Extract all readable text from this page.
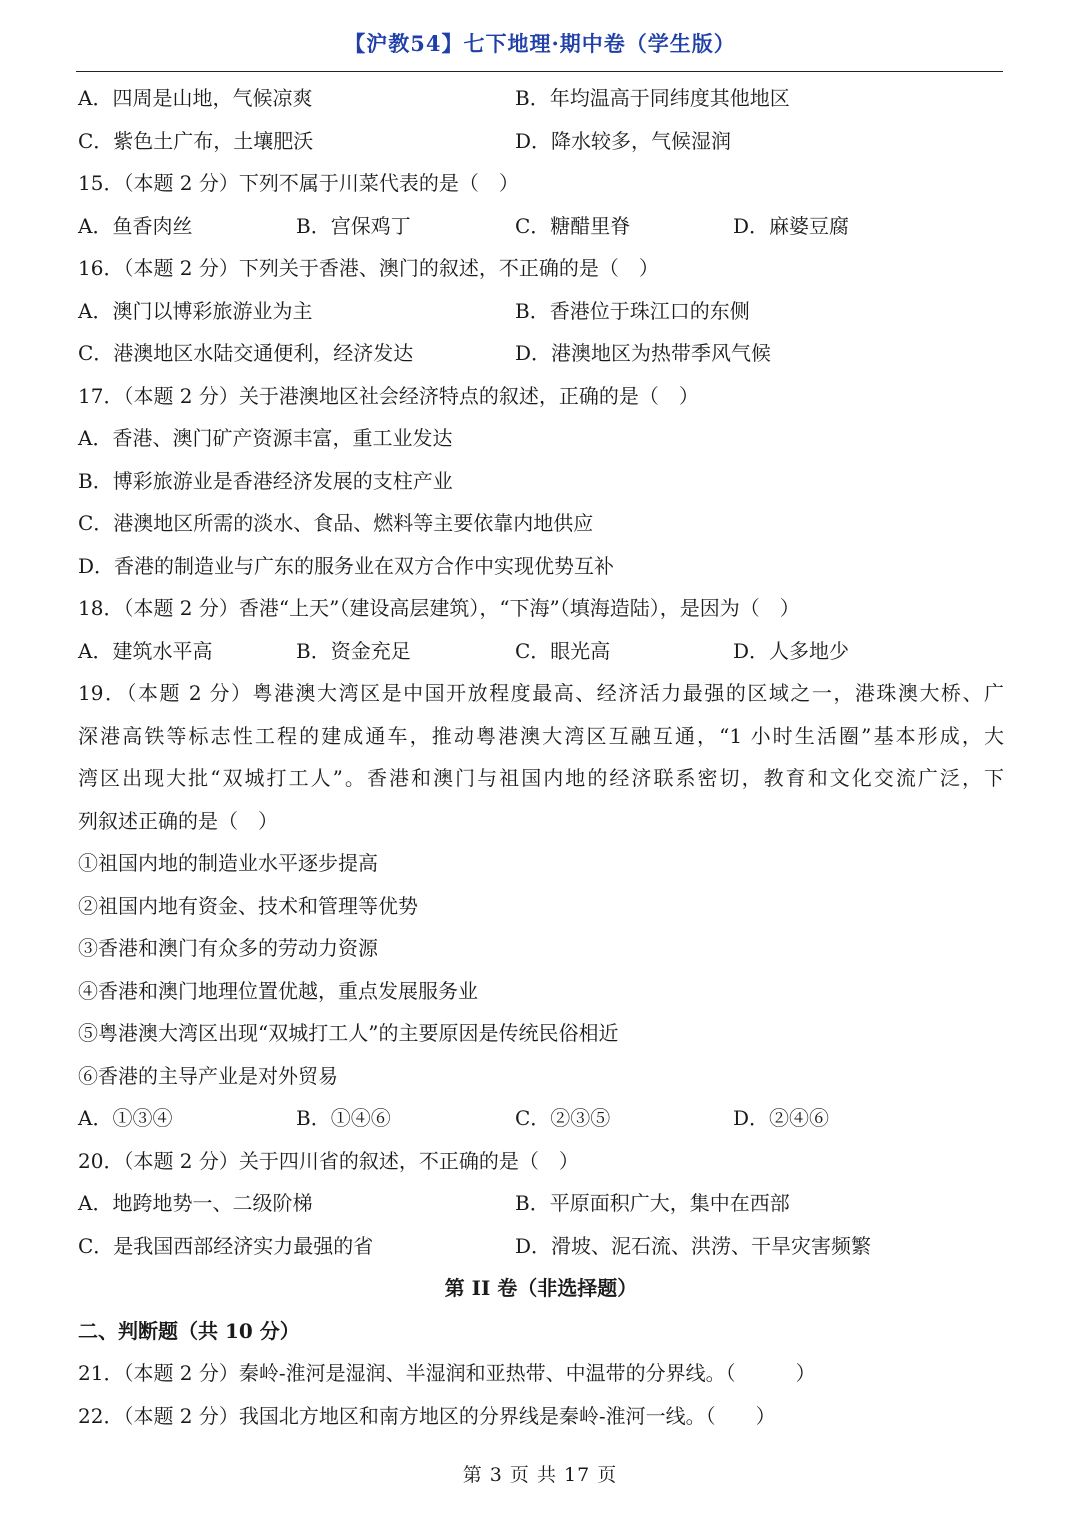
【沪教54】七下地理·期中卷（学生版）
A．四周是山地，气候凉爽	B．年均温高于同纬度其他地区
C．紫色土广布，土壤肥沃	D．降水较多，气候湿润
15．（本题 2 分）下列不属于川菜代表的是（　）
A．鱼香肉丝	B．宫保鸡丁	C．糖醋里脊	D．麻婆豆腐
16．（本题 2 分）下列关于香港、澳门的叙述，不正确的是（　）
A．澳门以博彩旅游业为主	B．香港位于珠江口的东侧
C．港澳地区水陆交通便利，经济发达	D．港澳地区为热带季风气候
17．（本题 2 分）关于港澳地区社会经济特点的叙述，正确的是（　）
A．香港、澳门矿产资源丰富，重工业发达
B．博彩旅游业是香港经济发展的支柱产业
C．港澳地区所需的淡水、食品、燃料等主要依靠内地供应
D．香港的制造业与广东的服务业在双方合作中实现优势互补
18．（本题 2 分）香港“上天”（建设高层建筑），“下海”（填海造陆），是因为（　）
A．建筑水平高	B．资金充足	C．眼光高	D．人多地少
19．（本题 2 分）粤港澳大湾区是中国开放程度最高、经济活力最强的区域之一，港珠澳大桥、广
深港高铁等标志性工程的建成通车，推动粤港澳大湾区互融互通，“1 小时生活圈”基本形成，大
湾区出现大批“双城打工人”。香港和澳门与祖国内地的经济联系密切，教育和文化交流广泛，下
列叙述正确的是（　）
①祖国内地的制造业水平逐步提高
②祖国内地有资金、技术和管理等优势
③香港和澳门有众多的劳动力资源
④香港和澳门地理位置优越，重点发展服务业
⑤粤港澳大湾区出现“双城打工人”的主要原因是传统民俗相近
⑥香港的主导产业是对外贸易
A．①③④	B．①④⑥	C．②③⑤	D．②④⑥
20．（本题 2 分）关于四川省的叙述，不正确的是（　）
A．地跨地势一、二级阶梯	B．平原面积广大，集中在西部
C．是我国西部经济实力最强的省	D．滑坡、泥石流、洪涝、干旱灾害频繁
第 II 卷（非选择题）
二、判断题（共 10 分）
21．（本题 2 分）秦岭-淮河是湿润、半湿润和亚热带、中温带的分界线。（　　　）
22．（本题 2 分）我国北方地区和南方地区的分界线是秦岭-淮河一线。（　　）
第 3 页 共 17 页
